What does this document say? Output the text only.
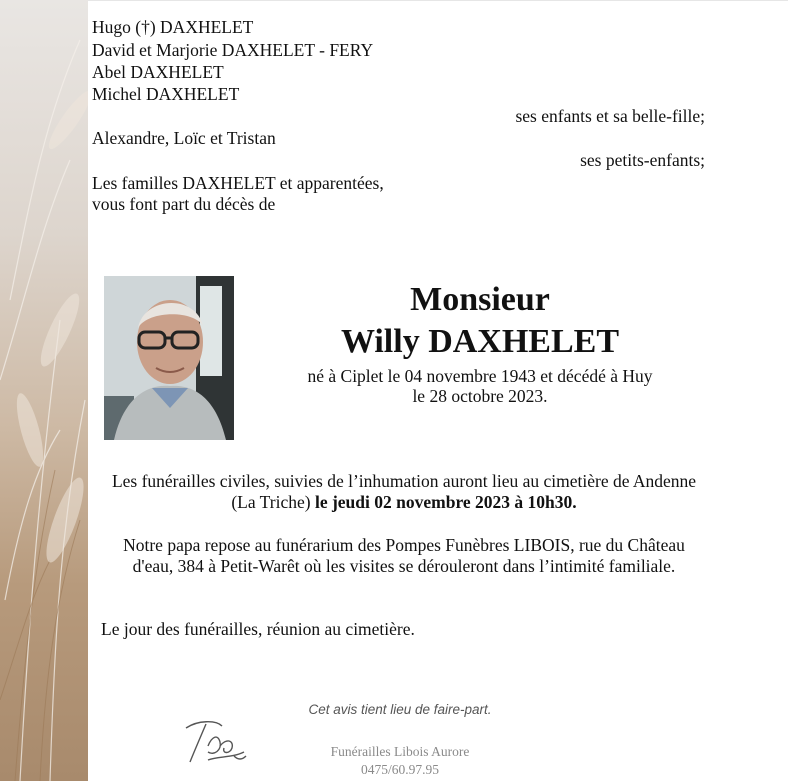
Hugo (†) DAXHELET
David et Marjorie DAXHELET - FERY
Abel DAXHELET
Michel DAXHELET
ses enfants et sa belle-fille;
Alexandre, Loïc et Tristan
ses petits-enfants;
Les familles DAXHELET et apparentées,
vous font part du décès de
Monsieur
Willy DAXHELET
né à Ciplet le 04 novembre 1943 et décédé à Huy
le 28 octobre 2023.
Les funérailles civiles, suivies de l’inhumation auront lieu au cimetière de Andenne
(La Triche) le jeudi 02 novembre 2023 à 10h30.
Notre papa repose au funérarium des Pompes Funèbres LIBOIS, rue du Château
d'eau, 384 à Petit-Warêt où les visites se dérouleront dans l’intimité familiale.
Le jour des funérailles, réunion au cimetière.
Cet avis tient lieu de faire-part.
Funérailles Libois Aurore
0475/60.97.95
